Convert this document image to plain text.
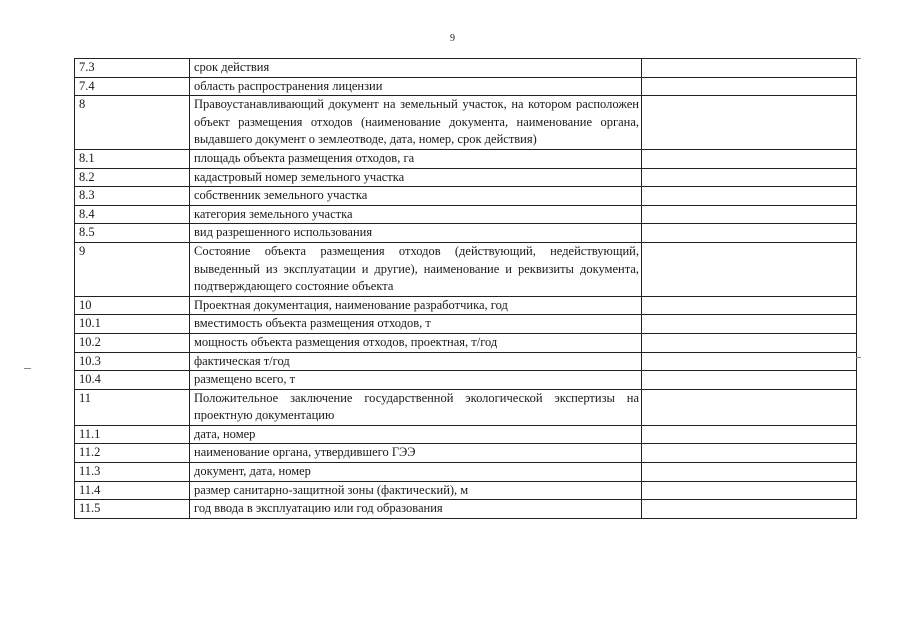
9
7.3	срок действия	
7.4	область распространения лицензии	
8	Правоустанавливающий документ на земельный участок, на котором расположен объект размещения отходов (наименование документа, наименование органа, выдавшего документ о землеотводе, дата, номер, срок действия)	
8.1	площадь объекта размещения отходов, га	
8.2	кадастровый номер земельного участка	
8.3	собственник земельного участка	
8.4	категория земельного участка	
8.5	вид разрешенного использования	
9	Состояние объекта размещения отходов (действующий, недействующий, выведенный из эксплуатации и другие), наименование и реквизиты документа, подтверждающего состояние объекта	
10	Проектная документация, наименование разработчика, год	
10.1	вместимость объекта размещения отходов, т	
10.2	мощность объекта размещения отходов, проектная, т/год	
10.3	фактическая т/год	
10.4	размещено всего, т	
11	Положительное заключение государственной экологической экспертизы на проектную документацию	
11.1	дата, номер	
11.2	наименование органа, утвердившего ГЭЭ	
11.3	документ, дата, номер	
11.4	размер санитарно-защитной зоны (фактический), м	
11.5	год ввода в эксплуатацию или год образования	
